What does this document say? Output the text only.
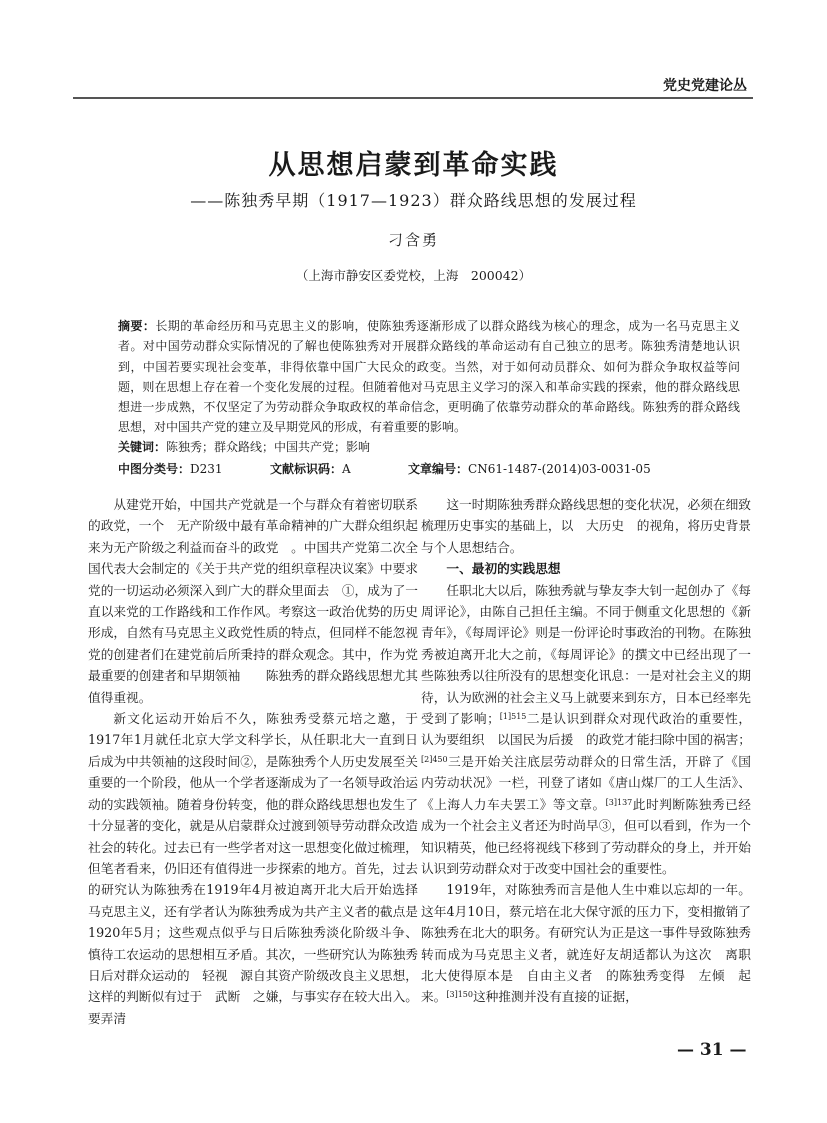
党史党建论丛
从思想启蒙到革命实践
——陈独秀早期（1917—1923）群众路线思想的发展过程
刁含勇
（上海市静安区委党校，上海　200042）
摘要：长期的革命经历和马克思主义的影响，使陈独秀逐渐形成了以群众路线为核心的理念，成为一名马克思主义者。对中国劳动群众实际情况的了解也使陈独秀对开展群众路线的革命运动有自己独立的思考。陈独秀清楚地认识到，中国若要实现社会变革，非得依靠中国广大民众的政变。当然，对于如何动员群众、如何为群众争取权益等问题，则在思想上存在着一个变化发展的过程。但随着他对马克思主义学习的深入和革命实践的探索，他的群众路线思想进一步成熟，不仅坚定了为劳动群众争取政权的革命信念，更明确了依靠劳动群众的革命路线。陈独秀的群众路线思想，对中国共产党的建立及早期党风的形成，有着重要的影响。
关键词：陈独秀；群众路线；中国共产党；影响
中图分类号：D231	文献标识码：A	文章编号：CN61-1487-(2014)03-0031-05

从建党开始，中国共产党就是一个与群众有着密切联系的政党，一个　无产阶级中最有革命精神的广大群众组织起来为无产阶级之利益而奋斗的政党　。中国共产党第二次全国代表大会制定的《关于共产党的组织章程决议案》中要求　党的一切运动必须深入到广大的群众里面去　①，成为了一直以来党的工作路线和工作作风。考察这一政治优势的历史形成，自然有马克思主义政党性质的特点，但同样不能忽视党的创建者们在建党前后所秉持的群众观念。其中，作为党最重要的创建者和早期领袖　　陈独秀的群众路线思想尤其值得重视。

新文化运动开始后不久，陈独秀受蔡元培之邀，于1917年1月就任北京大学文科学长，从任职北大一直到日后成为中共领袖的这段时间②，是陈独秀个人历史发展至关重要的一个阶段，他从一个学者逐渐成为了一名领导政治运动的实践领袖。随着身份转变，他的群众路线思想也发生了十分显著的变化，就是从启蒙群众过渡到领导劳动群众改造社会的转化。过去已有一些学者对这一思想变化做过梳理，但笔者看来，仍旧还有值得进一步探索的地方。首先，过去的研究认为陈独秀在1919年4月被迫离开北大后开始选择马克思主义，还有学者认为陈独秀成为共产主义者的截点是1920年5月；这些观点似乎与日后陈独秀淡化阶级斗争、慎待工农运动的思想相互矛盾。其次，一些研究认为陈独秀日后对群众运动的　轻视　源自其资产阶级改良主义思想，这样的判断似有过于　武断　之嫌，与事实存在较大出入。要弄清

这一时期陈独秀群众路线思想的变化状况，必须在细致梳理历史事实的基础上，以　大历史　的视角，将历史背景与个人思想结合。

一、最初的实践思想

任职北大以后，陈独秀就与挚友李大钊一起创办了《每周评论》，由陈自己担任主编。不同于侧重文化思想的《新青年》，《每周评论》则是一份评论时事政治的刊物。在陈独秀被迫离开北大之前，《每周评论》的撰文中已经出现了一些陈独秀以往所没有的思想变化讯息：一是对社会主义的期待，认为欧洲的社会主义马上就要来到东方，日本已经率先受到了影响；$^{[1]515}$二是认识到群众对现代政治的重要性，认为要组织　以国民为后援　的政党才能扫除中国的祸害；$^{[2]450}$三是开始关注底层劳动群众的日常生活，开辟了《国内劳动状况》一栏，刊登了诸如《唐山煤厂的工人生活》、《上海人力车夫罢工》等文章。$^{[3]137}$此时判断陈独秀已经成为一个社会主义者还为时尚早③，但可以看到，作为一个知识精英，他已经将视线下移到了劳动群众的身上，并开始认识到劳动群众对于改变中国社会的重要性。

1919年，对陈独秀而言是他人生中难以忘却的一年。这年4月10日，蔡元培在北大保守派的压力下，变相撤销了陈独秀在北大的职务。有研究认为正是这一事件导致陈独秀转而成为马克思主义者，就连好友胡适都认为这次　离职　北大使得原本是　自由主义者　的陈独秀变得　左倾　起来。$^{[3]150}$这种推测并没有直接的证据，

— 31 —
